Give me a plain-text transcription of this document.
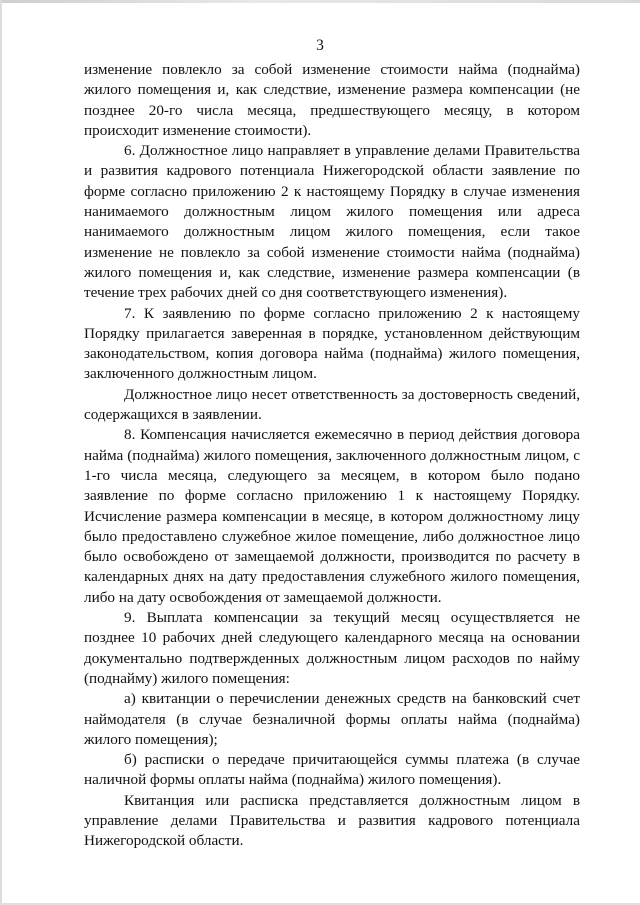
3

изменение повлекло за собой изменение стоимости найма (поднайма) жилого помещения и, как следствие, изменение размера компенсации (не позднее 20-го числа месяца, предшествующего месяцу, в котором происходит изменение стоимости).

6. Должностное лицо направляет в управление делами Правительства и развития кадрового потенциала Нижегородской области заявление по форме согласно приложению 2 к настоящему Порядку в случае изменения нанимаемого должностным лицом жилого помещения или адреса нанимаемого должностным лицом жилого помещения, если такое изменение не повлекло за собой изменение стоимости найма (поднайма) жилого помещения и, как следствие, изменение размера компенсации (в течение трех рабочих дней со дня соответствующего изменения).

7. К заявлению по форме согласно приложению 2 к настоящему Порядку прилагается заверенная в порядке, установленном действующим законодательством, копия договора найма (поднайма) жилого помещения, заключенного должностным лицом.

Должностное лицо несет ответственность за достоверность сведений, содержащихся в заявлении.

8. Компенсация начисляется ежемесячно в период действия договора найма (поднайма) жилого помещения, заключенного должностным лицом, с 1-го числа месяца, следующего за месяцем, в котором было подано заявление по форме согласно приложению 1 к настоящему Порядку. Исчисление размера компенсации в месяце, в котором должностному лицу было предоставлено служебное жилое помещение, либо должностное лицо было освобождено от замещаемой должности, производится по расчету в календарных днях на дату предоставления служебного жилого помещения, либо на дату освобождения от замещаемой должности.

9. Выплата компенсации за текущий месяц осуществляется не позднее 10 рабочих дней следующего календарного месяца на основании документально подтвержденных должностным лицом расходов по найму (поднайму) жилого помещения:

а) квитанции о перечислении денежных средств на банковский счет наймодателя (в случае безналичной формы оплаты найма (поднайма) жилого помещения);

б) расписки о передаче причитающейся суммы платежа (в случае наличной формы оплаты найма (поднайма) жилого помещения).

Квитанция или расписка представляется должностным лицом в управление делами Правительства и развития кадрового потенциала Нижегородской области.
